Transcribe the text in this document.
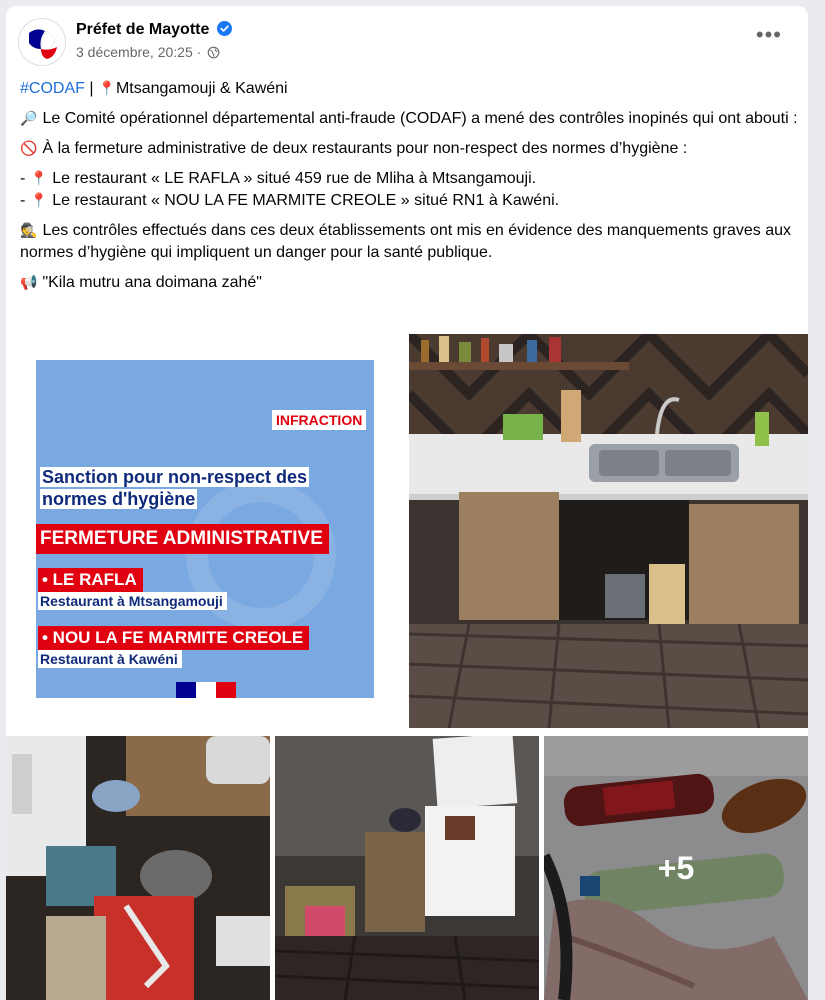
Préfet de Mayotte
3 décembre, 20:25 ·
•••

#CODAF | 📍Mtsangamouji & Kawéni

🔎 Le Comité opérationnel départemental anti-fraude (CODAF) a mené des contrôles inopinés qui ont abouti :

🚫 À la fermeture administrative de deux restaurants pour non-respect des normes d’hygiène :

- 📍 Le restaurant « LE RAFLA » situé 459 rue de Mliha à Mtsangamouji.
- 📍 Le restaurant « NOU LA FE MARMITE CREOLE » situé RN1 à Kawéni.

🕵 Les contrôles effectués dans ces deux établissements ont mis en évidence des manquements graves aux normes d’hygiène qui impliquent un danger pour la santé publique.

📢 "Kila mutru ana doimana zahé"

INFRACTION
Sanction pour non-respect des
normes d'hygiène
FERMETURE ADMINISTRATIVE
• LE RAFLA
Restaurant à Mtsangamouji
• NOU LA FE MARMITE CREOLE
Restaurant à Kawéni
+5
